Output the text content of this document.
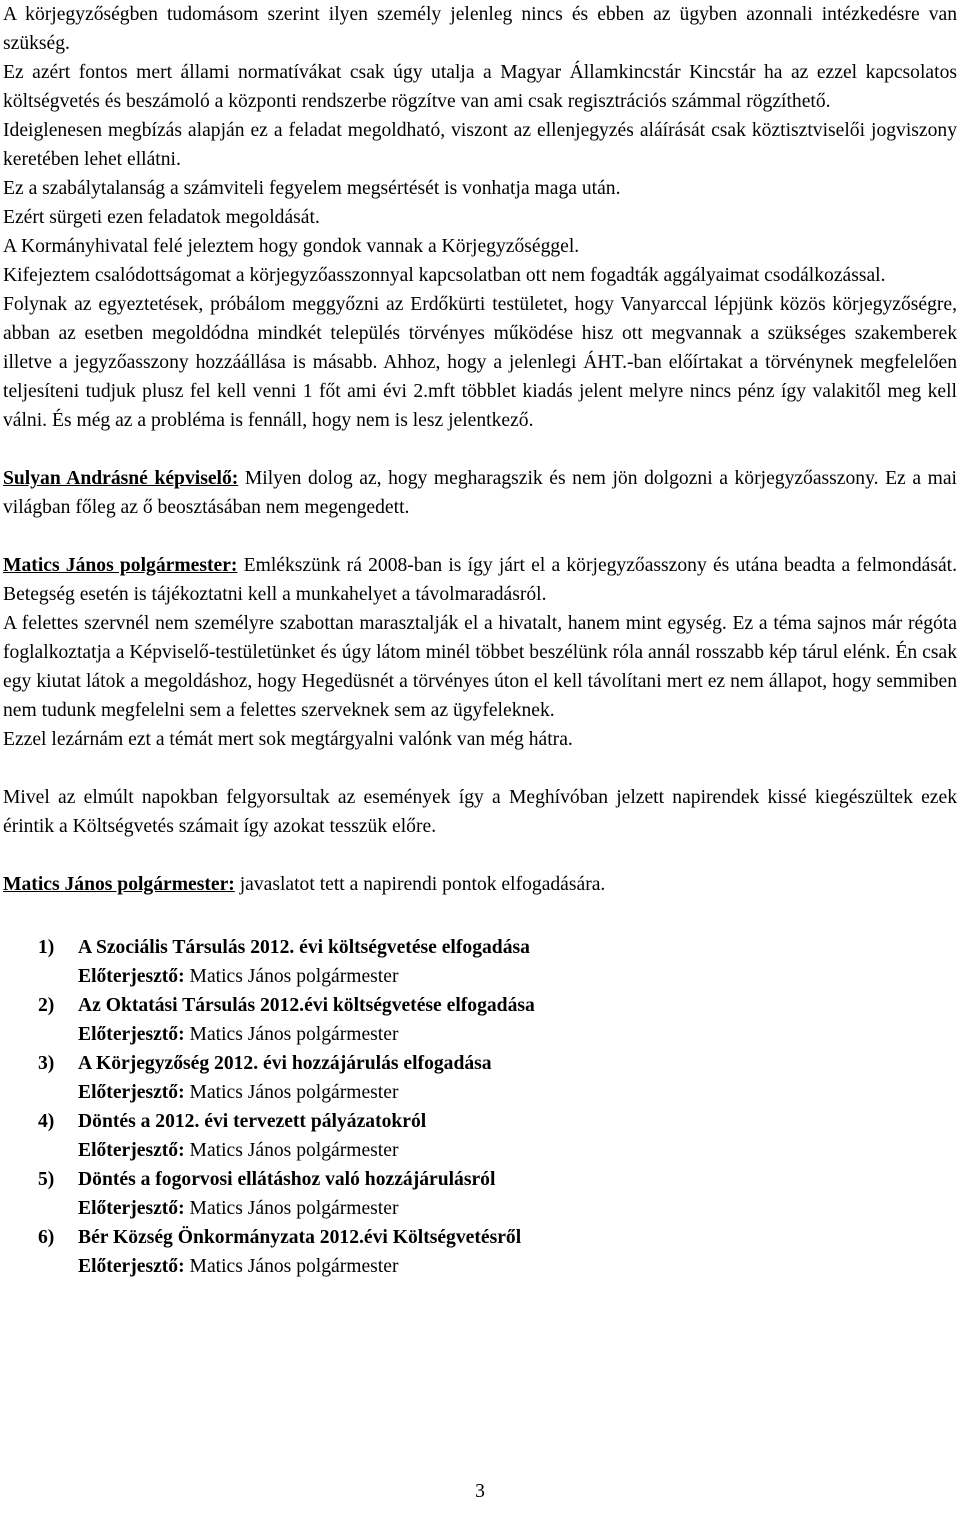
A körjegyzőségben tudomásom szerint ilyen személy jelenleg nincs és ebben az ügyben azonnali intézkedésre van szükség.

Ez azért fontos mert állami normatívákat csak úgy utalja a Magyar Államkincstár Kincstár ha az ezzel kapcsolatos költségvetés és beszámoló a központi rendszerbe rögzítve van ami csak regisztrációs számmal rögzíthető.

Ideiglenesen megbízás alapján ez a feladat megoldható, viszont az ellenjegyzés aláírását csak köztisztviselői jogviszony keretében lehet ellátni.

Ez a szabálytalanság a számviteli fegyelem megsértését is vonhatja maga után.

Ezért sürgeti ezen feladatok megoldását.

A Kormányhivatal felé jeleztem hogy gondok vannak a Körjegyzőséggel.

Kifejeztem csalódottságomat a körjegyzőasszonnyal kapcsolatban ott nem fogadták aggályaimat csodálkozással.

Folynak az egyeztetések, próbálom meggyőzni az Erdőkürti testületet, hogy Vanyarccal lépjünk közös körjegyzőségre, abban az esetben megoldódna mindkét település törvényes működése hisz ott megvannak a szükséges szakemberek illetve a jegyzőasszony hozzáállása is másabb. Ahhoz, hogy a jelenlegi ÁHT.-ban előírtakat a törvénynek megfelelően teljesíteni tudjuk plusz fel kell venni 1 főt ami évi 2.mft többlet kiadás jelent melyre nincs pénz így valakitől meg kell válni. És még az a probléma is fennáll, hogy nem is lesz jelentkező.

Sulyan Andrásné képviselő: Milyen dolog az, hogy megharagszik és nem jön dolgozni a körjegyzőasszony. Ez a mai világban főleg az ő beosztásában nem megengedett.

Matics János polgármester: Emlékszünk rá 2008-ban is így járt el a körjegyzőasszony és utána beadta a felmondását. Betegség esetén is tájékoztatni kell a munkahelyet a távolmaradásról.

A felettes szervnél nem személyre szabottan marasztalják el a hivatalt, hanem mint egység. Ez a téma sajnos már régóta foglalkoztatja a Képviselő-testületünket és úgy látom minél többet beszélünk róla annál rosszabb kép tárul elénk. Én csak egy kiutat látok a megoldáshoz, hogy Hegedüsnét a törvényes úton el kell távolítani mert ez nem állapot, hogy semmiben nem tudunk megfelelni sem a felettes szerveknek sem az ügyfeleknek.

Ezzel lezárnám ezt a témát mert sok megtárgyalni valónk van még hátra.

Mivel az elmúlt napokban felgyorsultak az események így a Meghívóban jelzett napirendek kissé kiegészültek ezek érintik a Költségvetés számait így azokat tesszük előre.

Matics János polgármester: javaslatot tett a napirendi pontok elfogadására.

1) A Szociális Társulás 2012. évi költségvetése elfogadása
Előterjesztő: Matics János polgármester
2) Az Oktatási Társulás 2012.évi költségvetése elfogadása
Előterjesztő: Matics János polgármester
3) A Körjegyzőség 2012. évi hozzájárulás elfogadása
Előterjesztő: Matics János polgármester
4) Döntés a 2012. évi tervezett pályázatokról
Előterjesztő: Matics János polgármester
5) Döntés a fogorvosi ellátáshoz való hozzájárulásról
Előterjesztő: Matics János polgármester
6) Bér Község Önkormányzata 2012.évi Költségvetésről
Előterjesztő: Matics János polgármester
3
